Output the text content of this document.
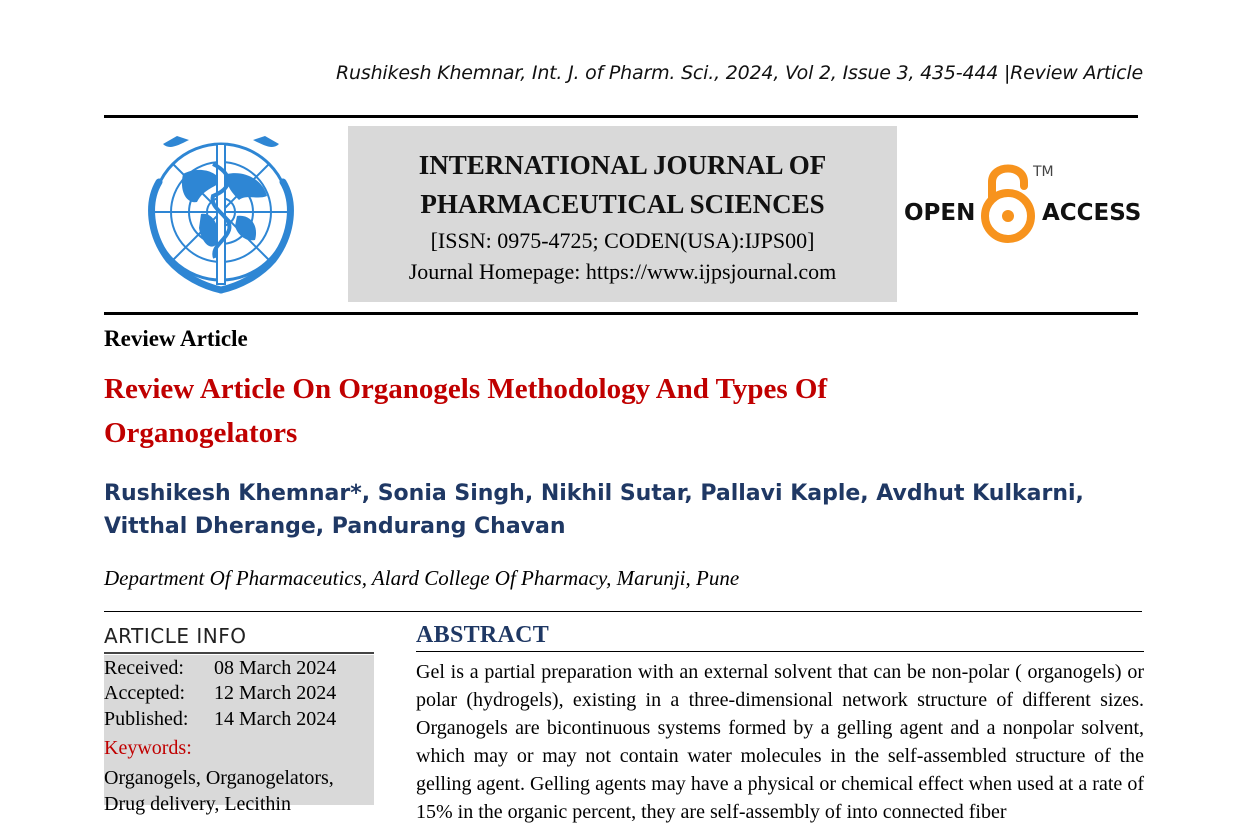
Rushikesh Khemnar, Int. J. of Pharm. Sci., 2024, Vol 2, Issue 3, 435-444 |Review Article
INTERNATIONAL JOURNAL OF
PHARMACEUTICAL SCIENCES
[ISSN: 0975-4725; CODEN(USA):IJPS00]
Journal Homepage: https://www.ijpsjournal.com
OPEN	ACCESS
TM
Review Article
Review Article On Organogels Methodology And Types Of Organogelators
Rushikesh Khemnar*, Sonia Singh, Nikhil Sutar, Pallavi Kaple, Avdhut Kulkarni,
Vitthal Dherange, Pandurang Chavan
Department Of Pharmaceutics, Alard College Of Pharmacy, Marunji, Pune
ARTICLE INFO
Received: 08 March 2024
Accepted: 12 March 2024
Published: 14 March 2024
Keywords:
Organogels, Organogelators, Drug delivery, Lecithin
ABSTRACT
Gel is a partial preparation with an external solvent that can be non-polar ( organogels) or polar (hydrogels), existing in a three-dimensional network structure of different sizes. Organogels are bicontinuous systems formed by a gelling agent and a nonpolar solvent, which may or may not contain water molecules in the self-assembled structure of the gelling agent. Gelling agents may have a physical or chemical effect when used at a rate of 15% in the organic percent, they are self-assembly of into connected fiber
